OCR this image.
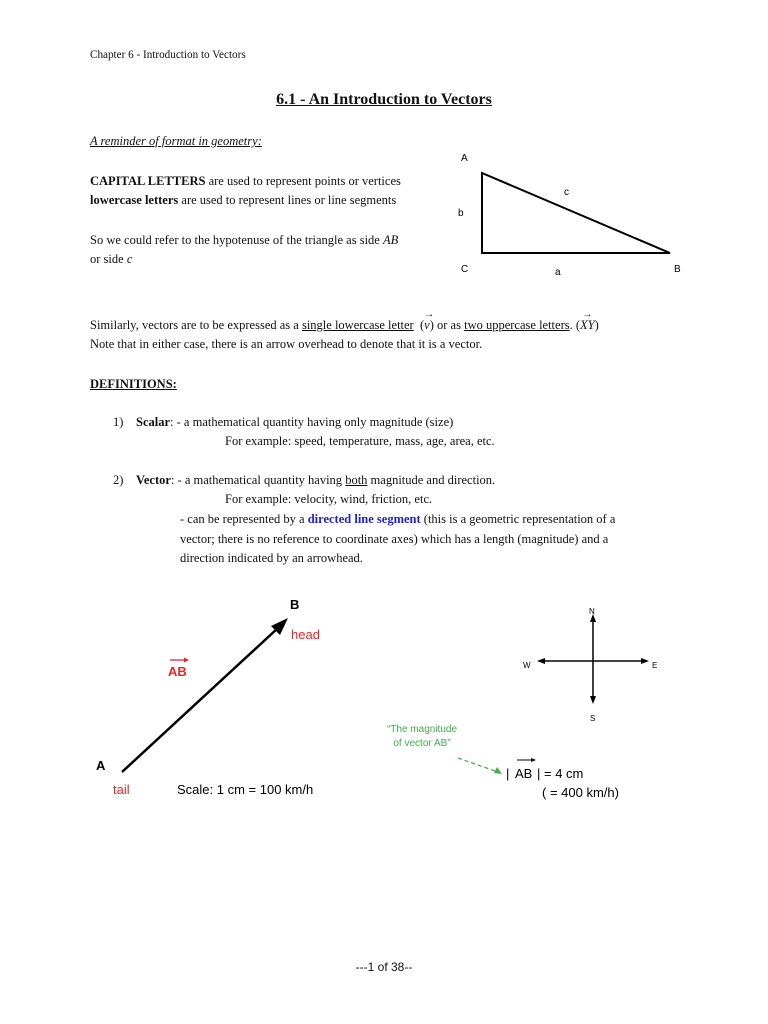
Chapter 6 - Introduction to Vectors
6.1 - An Introduction to Vectors
A reminder of format in geometry:
CAPITAL LETTERS are used to represent points or vertices
lowercase letters are used to represent lines or line segments
So we could refer to the hypotenuse of the triangle as side AB
or side c
A
B
C	a
b
c
Similarly, vectors are to be expressed as a single lowercase letter (
→
v) or as two uppercase letters. (
→
XY)
Note that in either case, there is an arrow overhead to denote that it is a vector.
DEFINITIONS:
1) Scalar: - a mathematical quantity having only magnitude (size)
For example: speed, temperature, mass, age, area, etc.
2) Vector: - a mathematical quantity having both magnitude and direction.
For example: velocity, wind, friction, etc.
- can be represented by a directed line segment (this is a geometric representation of a
vector; there is no reference to coordinate axes) which has a length (magnitude) and a
direction indicated by an arrowhead.
B
head
AB
A
tail	Scale: 1 cm = 100 km/h
N
S
E
W
“The magnitude
of vector AB”
| AB | = 4 cm
( = 400 km/h)
---1 of 38--
